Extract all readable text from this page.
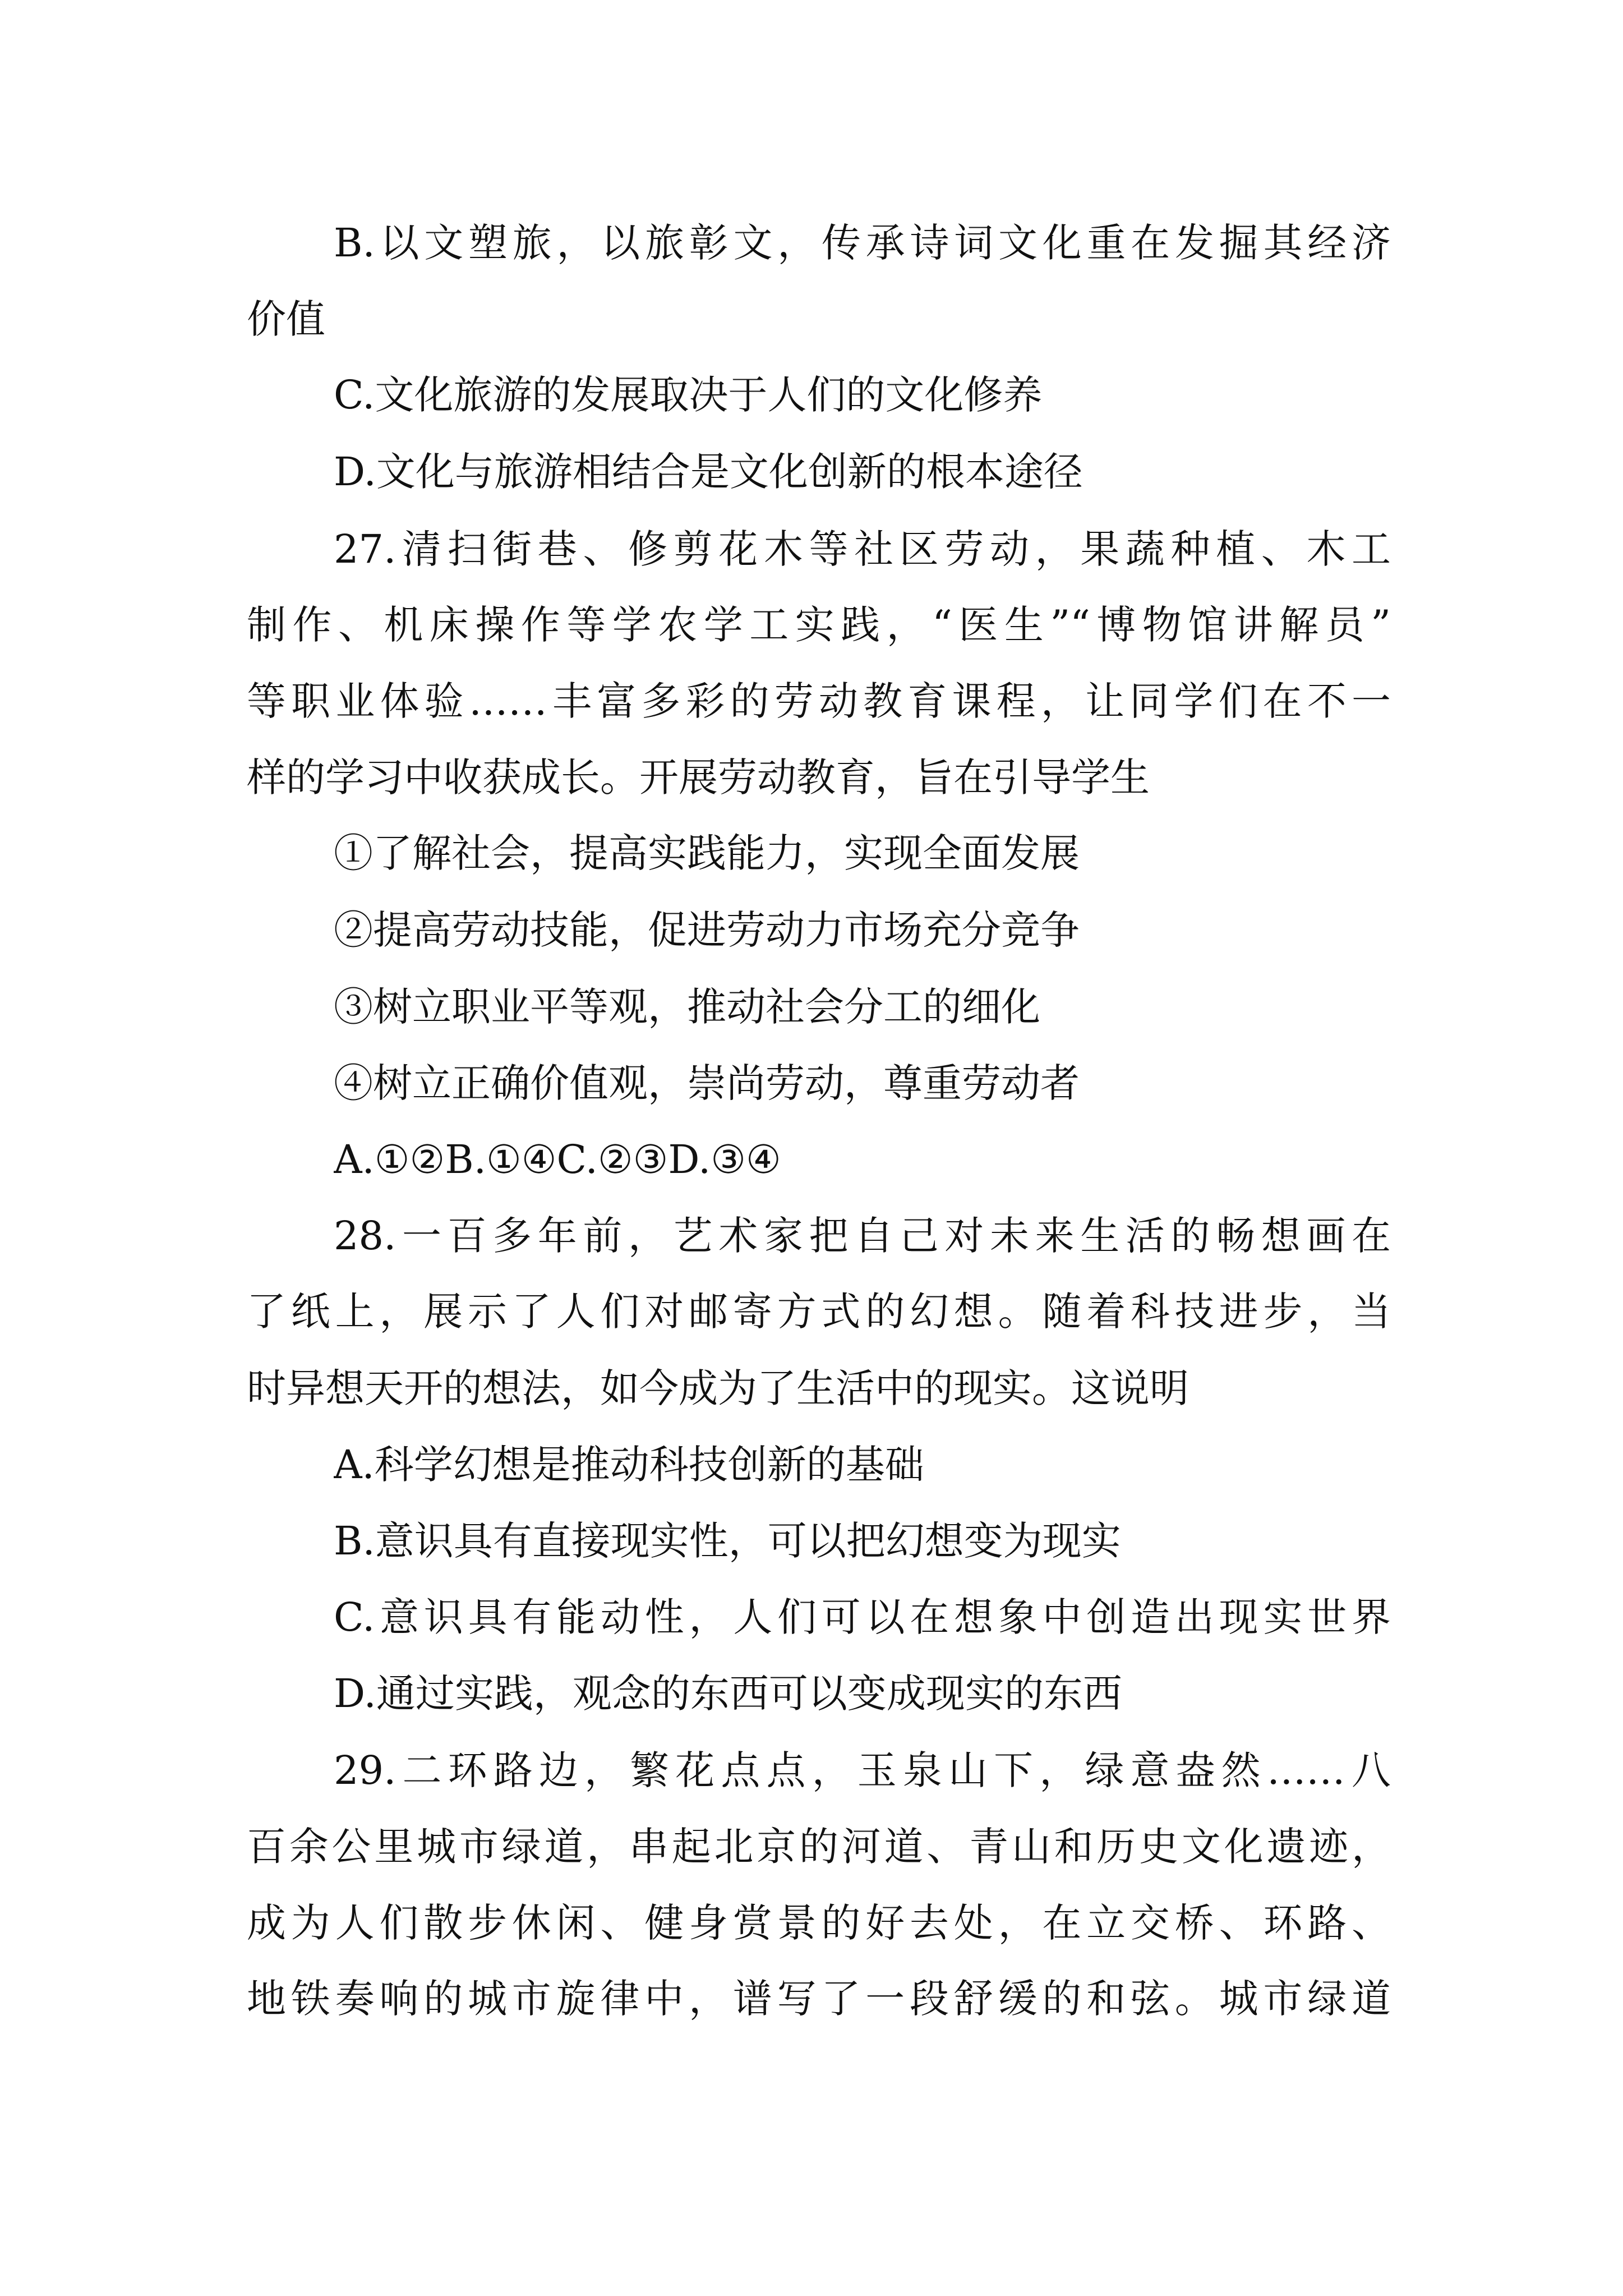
B.以文塑旅，以旅彰文，传承诗词文化重在发掘其经济
价值
C.文化旅游的发展取决于人们的文化修养
D.文化与旅游相结合是文化创新的根本途径
27.清扫街巷、修剪花木等社区劳动，果蔬种植、木工
制作、机床操作等学农学工实践，“医生”“博物馆讲解员”
等职业体验……丰富多彩的劳动教育课程，让同学们在不一
样的学习中收获成长。开展劳动教育，旨在引导学生
①了解社会，提高实践能力，实现全面发展
②提高劳动技能，促进劳动力市场充分竞争
③树立职业平等观，推动社会分工的细化
④树立正确价值观，崇尚劳动，尊重劳动者
A.①②B.①④C.②③D.③④
28.一百多年前，艺术家把自己对未来生活的畅想画在
了纸上，展示了人们对邮寄方式的幻想。随着科技进步，当
时异想天开的想法，如今成为了生活中的现实。这说明
A.科学幻想是推动科技创新的基础
B.意识具有直接现实性，可以把幻想变为现实
C.意识具有能动性，人们可以在想象中创造出现实世界
D.通过实践，观念的东西可以变成现实的东西
29.二环路边，繁花点点，玉泉山下，绿意盎然……八
百余公里城市绿道，串起北京的河道、青山和历史文化遗迹，
成为人们散步休闲、健身赏景的好去处，在立交桥、环路、
地铁奏响的城市旋律中，谱写了一段舒缓的和弦。城市绿道
